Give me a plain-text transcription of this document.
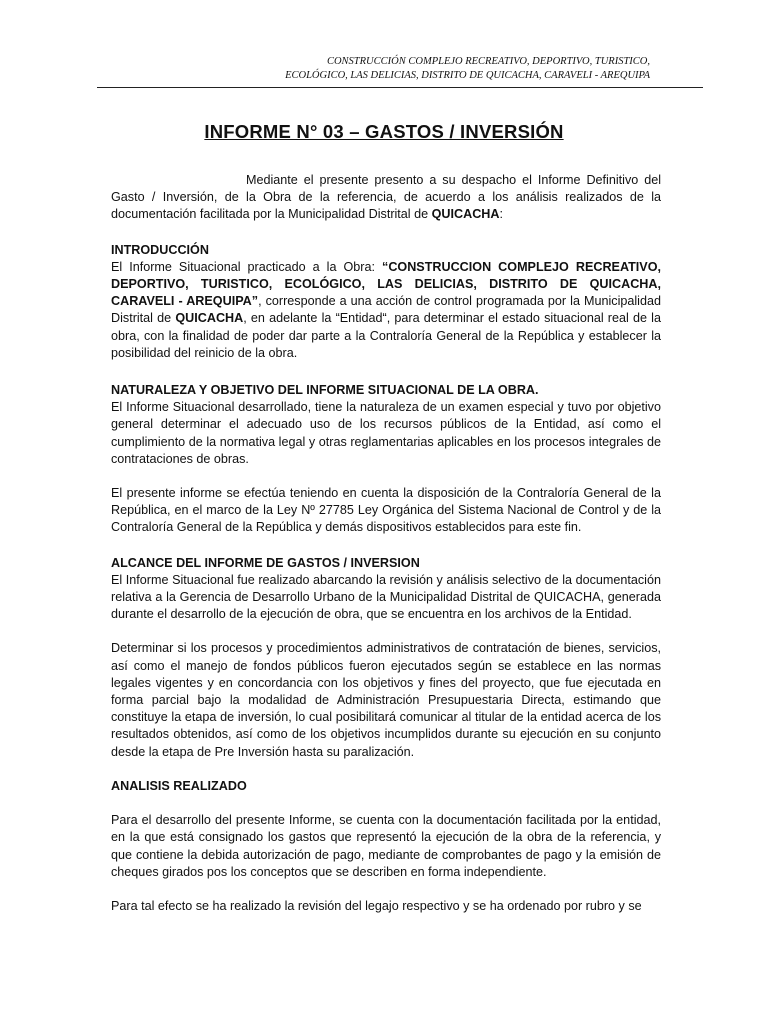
CONSTRUCCIÓN COMPLEJO RECREATIVO, DEPORTIVO, TURISTICO,
ECOLÓGICO, LAS DELICIAS, DISTRITO DE QUICACHA, CARAVELI - AREQUIPA
INFORME N° 03 – GASTOS / INVERSIÓN

Mediante el presente presento a su despacho el Informe Definitivo del Gasto / Inversión, de la Obra de la referencia, de acuerdo a los análisis realizados de la documentación facilitada por la Municipalidad Distrital de QUICACHA:

INTRODUCCIÓN

El Informe Situacional practicado a la Obra: “CONSTRUCCION COMPLEJO RECREATIVO, DEPORTIVO, TURISTICO, ECOLÓGICO, LAS DELICIAS, DISTRITO DE QUICACHA, CARAVELI - AREQUIPA”, corresponde a una acción de control programada por la Municipalidad Distrital de QUICACHA, en adelante la “Entidad“, para determinar el estado situacional real de la obra, con la finalidad de poder dar parte a la Contraloría General de la República y establecer la posibilidad del reinicio de la obra.

NATURALEZA Y OBJETIVO DEL INFORME SITUACIONAL DE LA OBRA.

El Informe Situacional desarrollado, tiene la naturaleza de un examen especial y tuvo por objetivo general determinar el adecuado uso de los recursos públicos de la Entidad, así como el cumplimiento de la normativa legal y otras reglamentarias aplicables en los procesos integrales de contrataciones de obras.

El presente informe se efectúa teniendo en cuenta la disposición de la Contraloría General de la República, en el marco de la Ley Nº 27785 Ley Orgánica del Sistema Nacional de Control y de la Contraloría General de la República y demás dispositivos establecidos para este fin.

ALCANCE DEL INFORME DE GASTOS / INVERSION

El Informe Situacional fue realizado abarcando la revisión y análisis selectivo de la documentación relativa a la Gerencia de Desarrollo Urbano de la Municipalidad Distrital de QUICACHA, generada durante el desarrollo de la ejecución de obra, que se encuentra en los archivos de la Entidad.

Determinar si los procesos y procedimientos administrativos de contratación de bienes, servicios, así como el manejo de fondos públicos fueron ejecutados según se establece en las normas legales vigentes y en concordancia con los objetivos y fines del proyecto, que fue ejecutada en forma parcial bajo la modalidad de Administración Presupuestaria Directa, estimando que constituye la etapa de inversión, lo cual posibilitará comunicar al titular de la entidad acerca de los resultados obtenidos, así como de los objetivos incumplidos durante su ejecución en su conjunto desde la etapa de Pre Inversión hasta su paralización.

ANALISIS REALIZADO

Para el desarrollo del presente Informe, se cuenta con la documentación facilitada por la entidad, en la que está consignado los gastos que representó la ejecución de la obra de la referencia, y que contiene la debida autorización de pago, mediante de comprobantes de pago y la emisión de cheques girados pos los conceptos que se describen en forma independiente.

Para tal efecto se ha realizado la revisión del legajo respectivo y se ha ordenado por rubro y se
